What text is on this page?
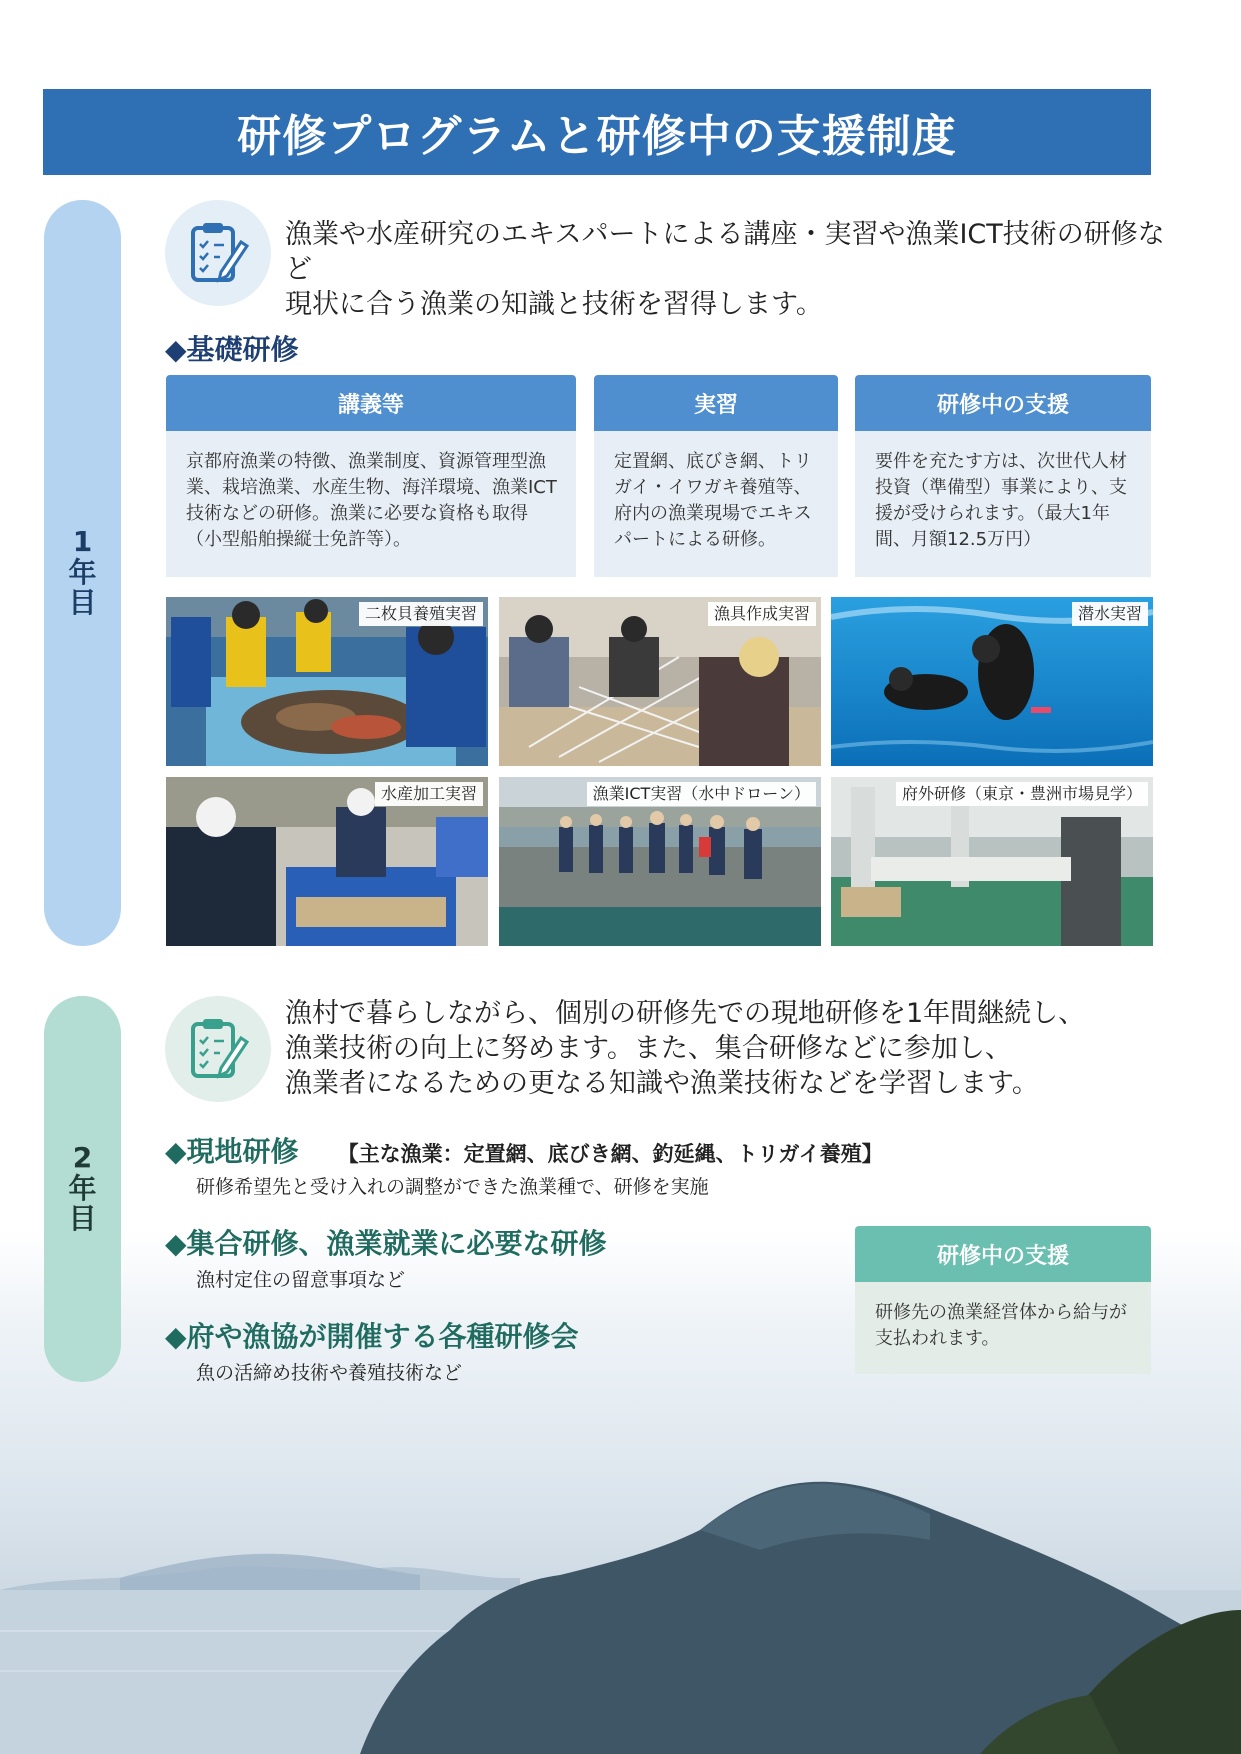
研修プログラムと研修中の支援制度
1
年
目
漁業や水産研究のエキスパートによる講座・実習や漁業ICT技術の研修など
現状に合う漁業の知識と技術を習得します。
◆基礎研修
講義等
京都府漁業の特徴、漁業制度、資源管理型漁業、栽培漁業、水産生物、海洋環境、漁業ICT技術などの研修。漁業に必要な資格も取得（小型船舶操縦士免許等）。
実習
定置網、底びき網、トリガイ・イワガキ養殖等、府内の漁業現場でエキスパートによる研修。
研修中の支援
要件を充たす方は、次世代人材投資（準備型）事業により、支援が受けられます。（最大1年間、月額12.5万円）
二枚貝養殖実習	漁具作成実習	潜水実習
水産加工実習	漁業ICT実習（水中ドローン）	府外研修（東京・豊洲市場見学）
2
年
目
漁村で暮らしながら、個別の研修先での現地研修を1年間継続し、
漁業技術の向上に努めます。また、集合研修などに参加し、
漁業者になるための更なる知識や漁業技術などを学習します。
◆現地研修 【主な漁業：定置網、底びき網、釣延縄、トリガイ養殖】
研修希望先と受け入れの調整ができた漁業種で、研修を実施
◆集合研修、漁業就業に必要な研修
漁村定住の留意事項など
◆府や漁協が開催する各種研修会
魚の活締め技術や養殖技術など
研修中の支援
研修先の漁業経営体から給与が支払われます。
